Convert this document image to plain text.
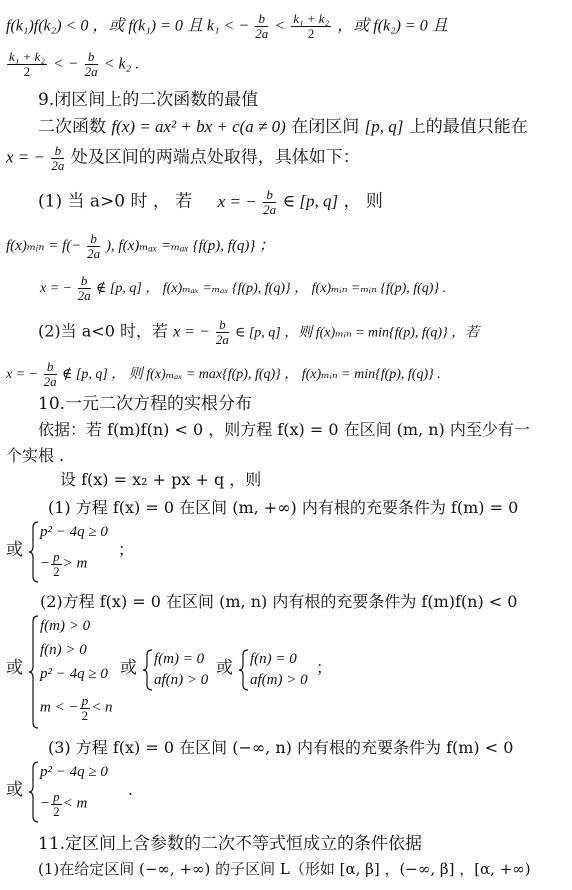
f(k₁)f(k₂) < 0 ，或 f(k₁) = 0 且 k₁ < − $\frac{b}{2a} < \frac{\text{k₁ + k₂}}{2}$ ，或 f(k₂) = 0 且
$\frac{\text{k₁ + k₂}}{2}$ < − $\frac{b}{2a} < k_2$ .
9.闭区间上的二次函数的最值
二次函数 f(x) = ax² + bx + c(a ≠ 0) 在闭区间 [p, q] 上的最值只能在
x = − $\frac{b}{2a}$ 处及区间的两端点处取得，具体如下：
(1) 当 a>0 时 ， 若 x = − $\frac{b}{2a}$ ∈ [p, q] ， 则
f(x)ₘᵢₙ = $f(- \frac{b}{2a}$ ), f(x)ₘₐₓ =ₘₐₓ {f(p), f(q)} ；
x = − $\frac{b}{2a}$ ∉ [p, q] ， f(x)ₘₐₓ =ₘₐₓ {f(p), f(q)} ， f(x)ₘᵢₙ =ₘᵢₙ {f(p), f(q)} .
(2)当 a<0 时，若 x = − $\frac{b}{2a}$ ∈ [p, q] ，则 f(x)ₘᵢₙ = min{f(p), f(q)} ，若
x = − $\frac{b}{2a}$ ∉ [p, q] ， 则 f(x)ₘₐₓ = max{f(p), f(q)} ， f(x)ₘᵢₙ = min{f(p), f(q)} .
10.一元二次方程的实根分布
依据：若 f(m)f(n) < 0 ，则方程 f(x) = 0 在区间 (m, n) 内至少有一
个实根 .
设 f(x) = x₂ + px + q ，则
(1) 方程 f(x) = 0 在区间 (m, +∞) 内有根的充要条件为 f(m) = 0
或
p² − 4q ≥ 0
− $\frac{p}{2} > m$
；
(2)方程 f(x) = 0 在区间 (m, n) 内有根的充要条件为 f(m)f(n) < 0
或
f(m) > 0
f(n) > 0
p² − 4q ≥ 0
m < − $\frac{p}{2} < n$
或 f(m) = 0
af(n) > 0
或 f(n) = 0
af(m) > 0
；
(3) 方程 f(x) = 0 在区间 (−∞, n) 内有根的充要条件为 f(m) < 0
或
p² − 4q ≥ 0
− $\frac{p}{2} < m$
.
11.定区间上含参数的二次不等式恒成立的条件依据
(1)在给定区间 (−∞, +∞) 的子区间 L（形如 [α, β] ，(−∞, β] ，[α, +∞)
